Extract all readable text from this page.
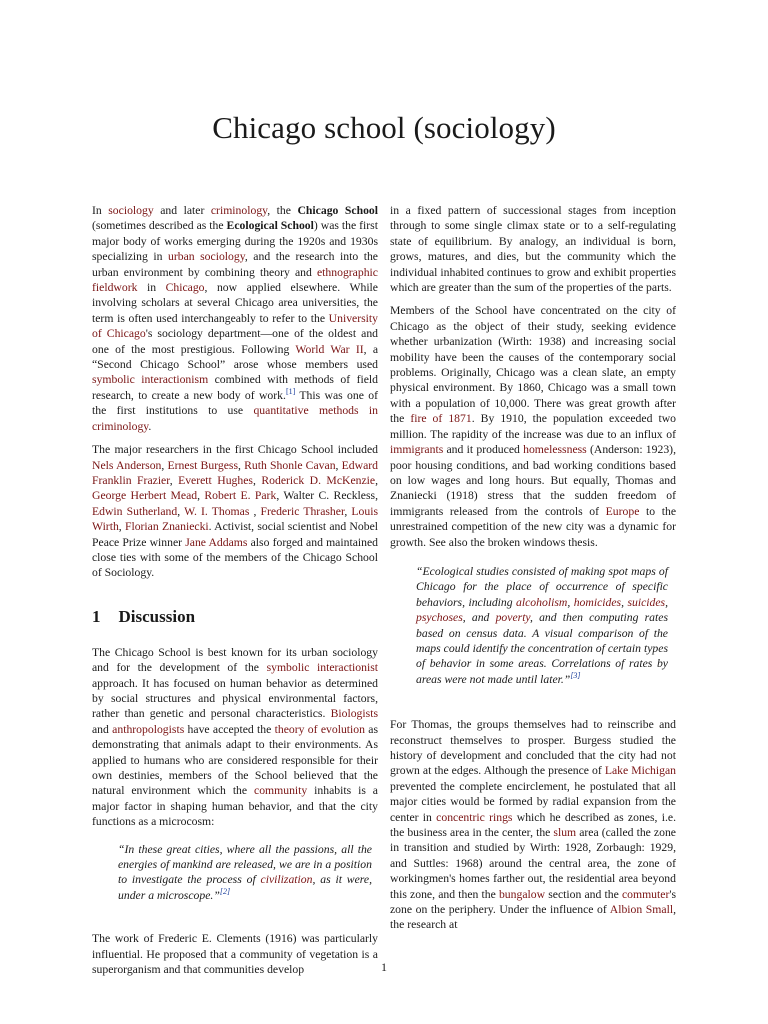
Chicago school (sociology)

In sociology and later criminology, the Chicago School (sometimes described as the Ecological School) was the first major body of works emerging during the 1920s and 1930s specializing in urban sociology, and the research into the urban environment by combining theory and ethnographic fieldwork in Chicago, now applied elsewhere. While involving scholars at several Chicago area universities, the term is often used interchangeably to refer to the University of Chicago's sociology department—one of the oldest and one of the most prestigious. Following World War II, a “Second Chicago School” arose whose members used symbolic interactionism combined with methods of field research, to create a new body of work.[1] This was one of the first institutions to use quantitative methods in criminology.

The major researchers in the first Chicago School included Nels Anderson, Ernest Burgess, Ruth Shonle Cavan, Edward Franklin Frazier, Everett Hughes, Roderick D. McKenzie, George Herbert Mead, Robert E. Park, Walter C. Reckless, Edwin Sutherland, W. I. Thomas , Frederic Thrasher, Louis Wirth, Florian Znaniecki. Activist, social scientist and Nobel Peace Prize winner Jane Addams also forged and maintained close ties with some of the members of the Chicago School of Sociology.

1 Discussion

The Chicago School is best known for its urban sociology and for the development of the symbolic interactionist approach. It has focused on human behavior as determined by social structures and physical environmental factors, rather than genetic and personal characteristics. Biologists and anthropologists have accepted the theory of evolution as demonstrating that animals adapt to their environments. As applied to humans who are considered responsible for their own destinies, members of the School believed that the natural environment which the community inhabits is a major factor in shaping human behavior, and that the city functions as a microcosm:

“In these great cities, where all the passions, all the energies of mankind are released, we are in a position to investigate the process of civilization, as it were, under a microscope.”[2]

The work of Frederic E. Clements (1916) was particularly influential. He proposed that a community of vegetation is a superorganism and that communities develop

in a fixed pattern of successional stages from inception through to some single climax state or to a self-regulating state of equilibrium. By analogy, an individual is born, grows, matures, and dies, but the community which the individual inhabited continues to grow and exhibit properties which are greater than the sum of the properties of the parts.

Members of the School have concentrated on the city of Chicago as the object of their study, seeking evidence whether urbanization (Wirth: 1938) and increasing social mobility have been the causes of the contemporary social problems. Originally, Chicago was a clean slate, an empty physical environment. By 1860, Chicago was a small town with a population of 10,000. There was great growth after the fire of 1871. By 1910, the population exceeded two million. The rapidity of the increase was due to an influx of immigrants and it produced homelessness (Anderson: 1923), poor housing conditions, and bad working conditions based on low wages and long hours. But equally, Thomas and Znaniecki (1918) stress that the sudden freedom of immigrants released from the controls of Europe to the unrestrained competition of the new city was a dynamic for growth. See also the broken windows thesis.

“Ecological studies consisted of making spot maps of Chicago for the place of occurrence of specific behaviors, including alcoholism, homicides, suicides, psychoses, and poverty, and then computing rates based on census data. A visual comparison of the maps could identify the concentration of certain types of behavior in some areas. Correlations of rates by areas were not made until later.”[3]

For Thomas, the groups themselves had to reinscribe and reconstruct themselves to prosper. Burgess studied the history of development and concluded that the city had not grown at the edges. Although the presence of Lake Michigan prevented the complete encirclement, he postulated that all major cities would be formed by radial expansion from the center in concentric rings which he described as zones, i.e. the business area in the center, the slum area (called the zone in transition and studied by Wirth: 1928, Zorbaugh: 1929, and Suttles: 1968) around the central area, the zone of workingmen's homes farther out, the residential area beyond this zone, and then the bungalow section and the commuter's zone on the periphery. Under the influence of Albion Small, the research at

1
